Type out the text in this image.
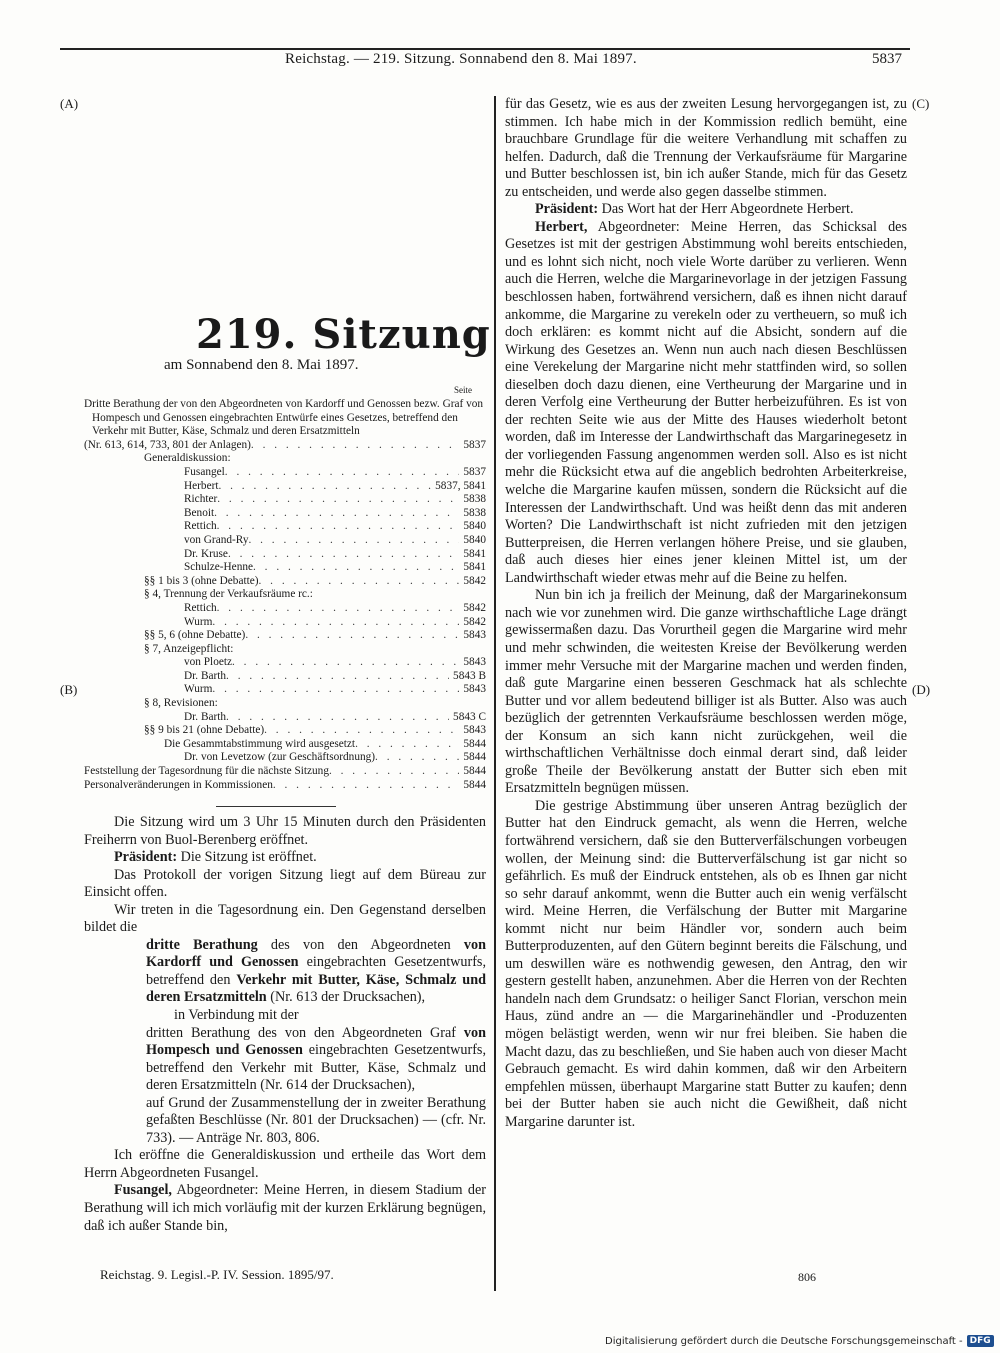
Reichstag. — 219. Sitzung. Sonnabend den 8. Mai 1897.	5837
(A)
(B)
(C)
(D)
219. Sitzung
am Sonnabend den 8. Mai 1897.
Seite
Dritte Berathung der von den Abgeordneten von Kardorff und Genossen bezw. Graf von Hompesch und Genossen eingebrachten Entwürfe eines Gesetzes, betreffend den Verkehr mit Butter, Käse, Schmalz und deren Ersatzmitteln
(Nr. 613, 614, 733, 801 der Anlagen) . . .	5837
Generaldiskussion:
Fusangel . . .	5837
Herbert . . .	5837, 5841
Richter . . .	5838
Benoit . . .	5838
Rettich . . .	5840
von Grand-Ry . . .	5840
Dr. Kruse . . .	5841
Schulze-Henne . . .	5841
§§ 1 bis 3 (ohne Debatte) . . .	5842
§ 4, Trennung der Verkaufsräume rc.:
Rettich . . .	5842
Wurm . . .	5842
§§ 5, 6 (ohne Debatte) . . .	5843
§ 7, Anzeigepflicht:
von Ploetz . . .	5843
Dr. Barth . . .	5843 B
Wurm . . .	5843
§ 8, Revisionen:
Dr. Barth . . .	5843 C
§§ 9 bis 21 (ohne Debatte) . . .	5843
Die Gesammtabstimmung wird ausgesetzt . . .	5844
Dr. von Levetzow (zur Geschäftsordnung) . . .	5844
Feststellung der Tagesordnung für die nächste Sitzung . . .	5844
Personalveränderungen in Kommissionen . . .	5844

Die Sitzung wird um 3 Uhr 15 Minuten durch den Präsidenten Freiherrn von Buol-Berenberg eröffnet.

Präsident: Die Sitzung ist eröffnet.

Das Protokoll der vorigen Sitzung liegt auf dem Büreau zur Einsicht offen.

Wir treten in die Tagesordnung ein. Den Gegenstand derselben bildet die

dritte Berathung des von den Abgeordneten von Kardorff und Genossen eingebrachten Gesetzentwurfs, betreffend den Verkehr mit Butter, Käse, Schmalz und deren Ersatzmitteln (Nr. 613 der Drucksachen),

in Verbindung mit der

dritten Berathung des von den Abgeordneten Graf von Hompesch und Genossen eingebrachten Gesetzentwurfs, betreffend den Verkehr mit Butter, Käse, Schmalz und deren Ersatzmitteln (Nr. 614 der Drucksachen),

auf Grund der Zusammenstellung der in zweiter Berathung gefaßten Beschlüsse (Nr. 801 der Drucksachen) — (cfr. Nr. 733). — Anträge Nr. 803, 806.

Ich eröffne die Generaldiskussion und ertheile das Wort dem Herrn Abgeordneten Fusangel.

Fusangel, Abgeordneter: Meine Herren, in diesem Stadium der Berathung will ich mich vorläufig mit der kurzen Erklärung begnügen, daß ich außer Stande bin,

Reichstag. 9. Legisl.-P. IV. Session. 1895/97.

für das Gesetz, wie es aus der zweiten Lesung hervorgegangen ist, zu stimmen. Ich habe mich in der Kommission redlich bemüht, eine brauchbare Grundlage für die weitere Verhandlung mit schaffen zu helfen. Dadurch, daß die Trennung der Verkaufsräume für Margarine und Butter beschlossen ist, bin ich außer Stande, mich für das Gesetz zu entscheiden, und werde also gegen dasselbe stimmen.

Präsident: Das Wort hat der Herr Abgeordnete Herbert.

Herbert, Abgeordneter: Meine Herren, das Schicksal des Gesetzes ist mit der gestrigen Abstimmung wohl bereits entschieden, und es lohnt sich nicht, noch viele Worte darüber zu verlieren. Wenn auch die Herren, welche die Margarinevorlage in der jetzigen Fassung beschlossen haben, fortwährend versichern, daß es ihnen nicht darauf ankomme, die Margarine zu verekeln oder zu vertheuern, so muß ich doch erklären: es kommt nicht auf die Absicht, sondern auf die Wirkung des Gesetzes an. Wenn nun auch nach diesen Beschlüssen eine Verekelung der Margarine nicht mehr stattfinden wird, so sollen dieselben doch dazu dienen, eine Vertheurung der Margarine und in deren Verfolg eine Vertheurung der Butter herbeizuführen. Es ist von der rechten Seite wie aus der Mitte des Hauses wiederholt betont worden, daß im Interesse der Landwirthschaft das Margarinegesetz in der vorliegenden Fassung angenommen werden soll. Also es ist nicht mehr die Rücksicht etwa auf die angeblich bedrohten Arbeiterkreise, welche die Margarine kaufen müssen, sondern die Rücksicht auf die Interessen der Landwirthschaft. Und was heißt denn das mit anderen Worten? Die Landwirthschaft ist nicht zufrieden mit den jetzigen Butterpreisen, die Herren verlangen höhere Preise, und sie glauben, daß auch dieses hier eines jener kleinen Mittel ist, um der Landwirthschaft wieder etwas mehr auf die Beine zu helfen.

Nun bin ich ja freilich der Meinung, daß der Margarinekonsum nach wie vor zunehmen wird. Die ganze wirthschaftliche Lage drängt gewissermaßen dazu. Das Vorurtheil gegen die Margarine wird mehr und mehr schwinden, die weitesten Kreise der Bevölkerung werden immer mehr Versuche mit der Margarine machen und werden finden, daß gute Margarine einen besseren Geschmack hat als schlechte Butter und vor allem bedeutend billiger ist als Butter. Also was auch bezüglich der getrennten Verkaufsräume beschlossen werden möge, der Konsum an sich kann nicht zurückgehen, weil die wirthschaftlichen Verhältnisse doch einmal derart sind, daß leider große Theile der Bevölkerung anstatt der Butter sich eben mit Ersatzmitteln begnügen müssen.

Die gestrige Abstimmung über unseren Antrag bezüglich der Butter hat den Eindruck gemacht, als wenn die Herren, welche fortwährend versichern, daß sie den Butterverfälschungen vorbeugen wollen, der Meinung sind: die Butterverfälschung ist gar nicht so gefährlich. Es muß der Eindruck entstehen, als ob es Ihnen gar nicht so sehr darauf ankommt, wenn die Butter auch ein wenig verfälscht wird. Meine Herren, die Verfälschung der Butter mit Margarine kommt nicht nur beim Händler vor, sondern auch beim Butterproduzenten, auf den Gütern beginnt bereits die Fälschung, und um deswillen wäre es nothwendig gewesen, den Antrag, den wir gestern gestellt haben, anzunehmen. Aber die Herren von der Rechten handeln nach dem Grundsatz: o heiliger Sanct Florian, verschon mein Haus, zünd andre an — die Margarinehändler und -Produzenten mögen belästigt werden, wenn wir nur frei bleiben. Sie haben die Macht dazu, das zu beschließen, und Sie haben auch von dieser Macht Gebrauch gemacht. Es wird dahin kommen, daß wir den Arbeitern empfehlen müssen, überhaupt Margarine statt Butter zu kaufen; denn bei der Butter haben sie auch nicht die Gewißheit, daß nicht Margarine darunter ist.

806
Digitalisierung gefördert durch die Deutsche Forschungsgemeinschaft - DFG
